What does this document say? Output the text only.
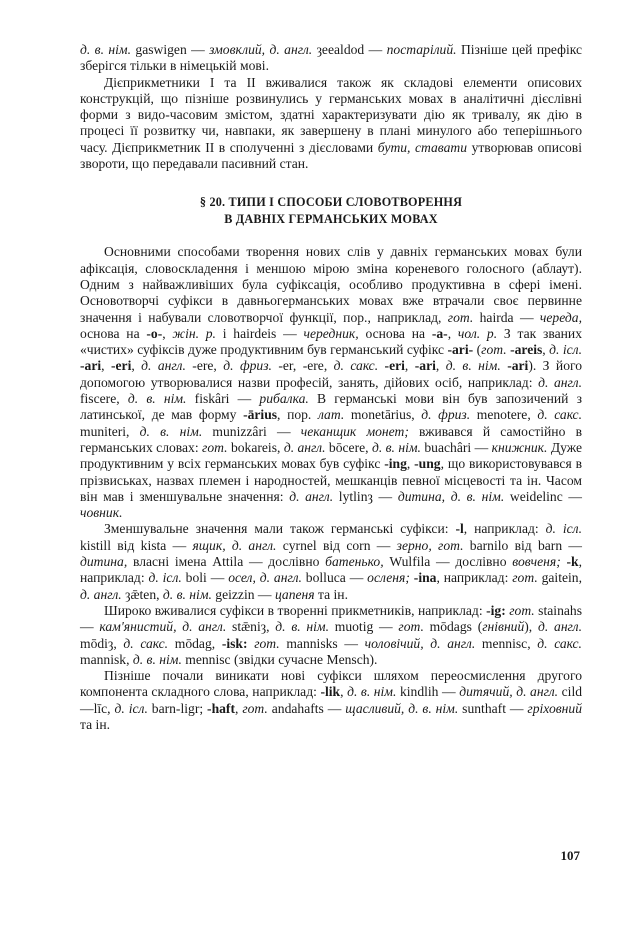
д. в. нім. gaswigen — змовклий, д. англ. ȝeealdod — постарілий. Пізніше цей префікс зберігся тільки в німецькій мові.

Дієприкметники I та II вживалися також як складові елементи описових конструкцій, що пізніше розвинулись у германських мовах в аналітичні дієслівні форми з видо-часовим змістом, здатні характеризувати дію як тривалу, як дію в процесі її розвитку чи, навпаки, як завершену в плані минулого або теперішнього часу. Дієприкметник II в сполученні з дієсловами бути, ставати утворював описові звороти, що передавали пасивний стан.

§ 20. ТИПИ І СПОСОБИ СЛОВОТВОРЕННЯ
В ДАВНІХ ГЕРМАНСЬКИХ МОВАХ

Основними способами творення нових слів у давніх германських мовах були афіксація, словоскладення і меншою мірою зміна кореневого голосного (аблаут). Одним з найважливіших була суфіксація, особливо продуктивна в сфері імені. Основотворчі суфікси в давньогерманських мовах вже втрачали своє первинне значення і набували словотворчої функції, пор., наприклад, гот. hairda — череда, основа на -о-, жін. р. і hairdeis — чередник, основа на -а-, чол. р. З так званих «чистих» суфіксів дуже продуктивним був германський суфікс -ari- (гот. -areis, д. ісл. -ari, -eri, д. англ. -ere, д. фриз. -er, -ere, д. сакс. -eri, -ari, д. в. нім. -ari). З його допомогою утворювалися назви професій, занять, дійових осіб, наприклад: д. англ. fiscere, д. в. нім. fiskâri — рибалка. В германські мови він був запозичений з латинської, де мав форму -ārius, пор. лат. monetārius, д. фриз. menotere, д. сакс. muniteri, д. в. нім. munizzâri — чеканщик монет; вживався й самостійно в германських словах: гот. bokareis, д. англ. bōcere, д. в. нім. buachâri — книжник. Дуже продуктивним у всіх германських мовах був суфікс -ing, -ung, що використовувався в прізвиськах, назвах племен і народностей, мешканців певної місцевості та ін. Часом він мав і зменшувальне значення: д. англ. lytlinȝ — дитина, д. в. нім. weidelinc — човник.

Зменшувальне значення мали також германські суфікси: -l, наприклад: д. ісл. kistill від kista — ящик, д. англ. cyrnel від corn — зерно, гот. barnilo від barn — дитина, власні імена Attila — дослівно батенько, Wulfila — дослівно вовченя; -k, наприклад: д. ісл. boli — осел, д. англ. bolluca — осленя; -ina, наприклад: гот. gaitein, д. англ. ȝǣten, д. в. нім. geizzin — цапеня та ін.

Широко вживалися суфікси в творенні прикметників, наприклад: -ig: гот. stainahs — кам'янистий, д. англ. stǣniȝ, д. в. нім. muotig — гот. mōdags (гнівний), д. англ. mōdiȝ, д. сакс. mōdag, -isk: гот. mannisks — чоловічий, д. англ. mennisc, д. сакс. mannisk, д. в. нім. mennisc (звідки сучасне Mensch).

Пізніше почали виникати нові суфікси шляхом переосмислення другого компонента складного слова, наприклад: -lik, д. в. нім. kindlih — дитячий, д. англ. cild—līc, д. ісл. barn-ligr; -haft, гот. andahafts — щасливий, д. в. нім. sunthaft — гріховний та ін.

107
